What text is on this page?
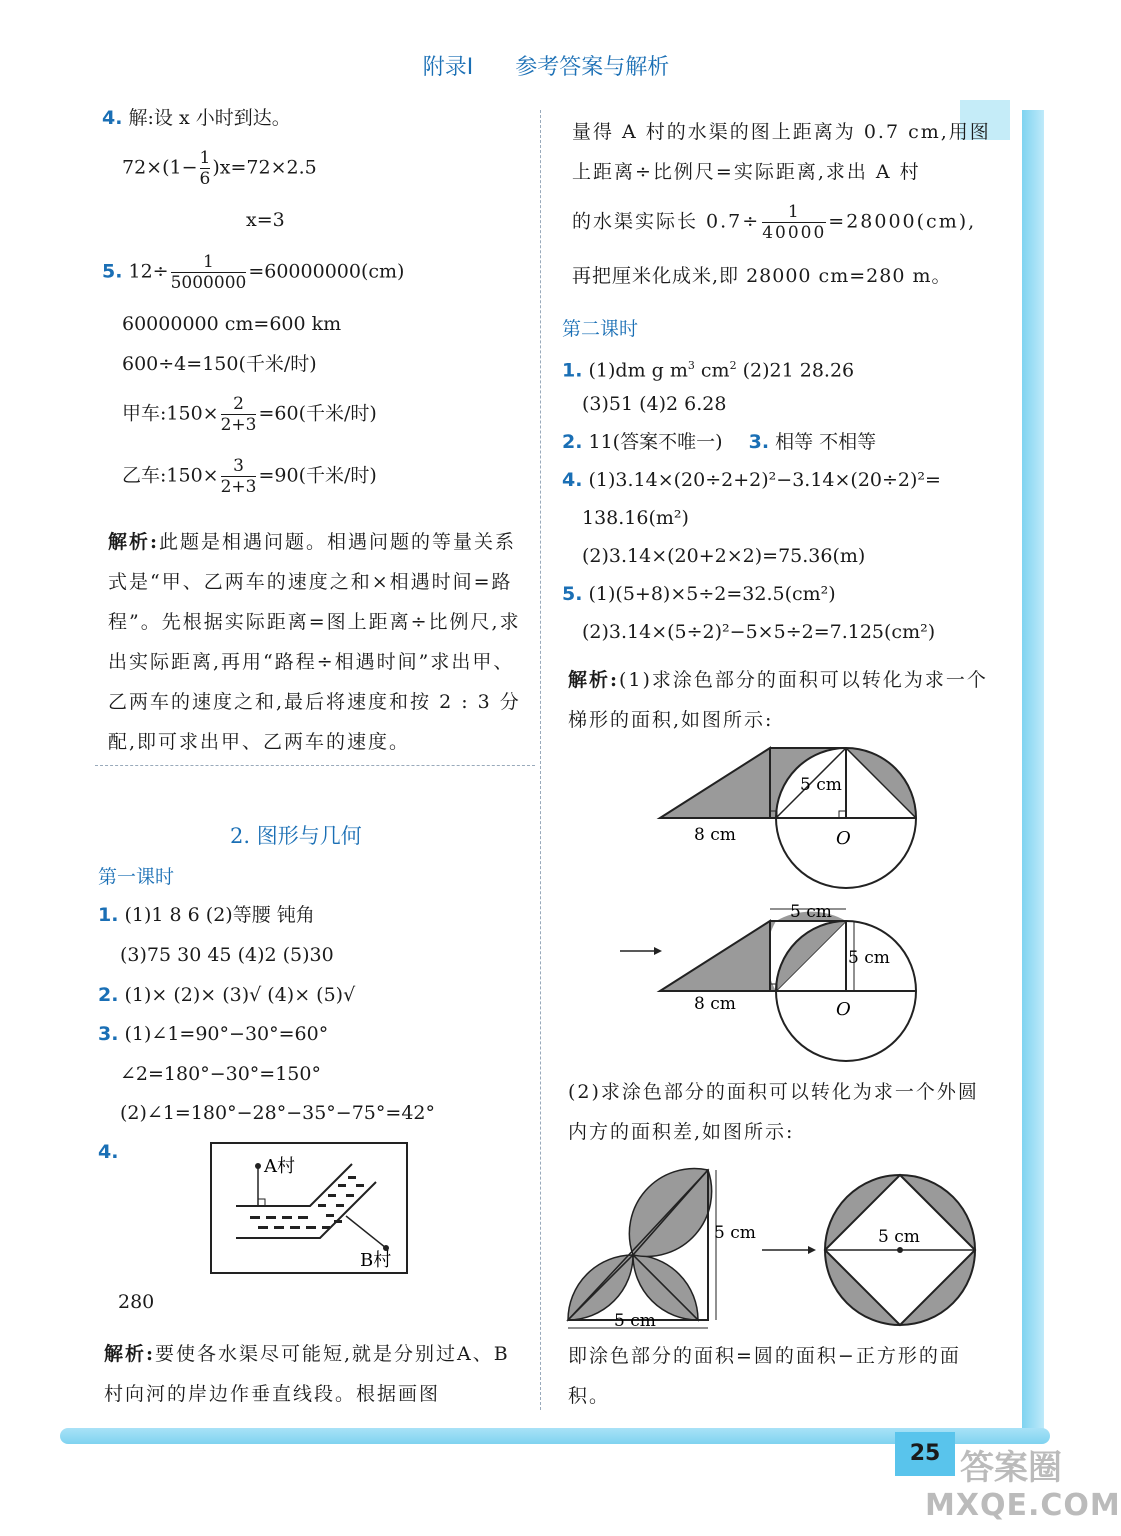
附录Ⅰ 参考答案与解析
4. 解:设 x 小时到达。
$72\times(1- \frac{1}{6} )x=72\times 2.5$
x=3
5. $12\div \frac{1}{5000000} =60000000(cm)$
60000000 cm=600 km
600÷4=150(千米/时)
甲车:150× $\frac{2}{2+3} =60$(千米/时)
乙车:150× $\frac{3}{2+3} =90$(千米/时)
解析:此题是相遇问题。相遇问题的等量关系式是“甲、乙两车的速度之和×相遇时间=路程”。先根据实际距离=图上距离÷比例尺,求出实际距离,再用“路程÷相遇时间”求出甲、乙两车的速度之和,最后将速度和按 2 : 3 分配,即可求出甲、乙两车的速度。
2. 图形与几何
第一课时
1. (1)1 8 6 (2)等腰 钝角
(3)75 30 45 (4)2 (5)30
2. (1)× (2)× (3)√ (4)× (5)√
3. (1)∠1=90°−30°=60°
∠2=180°−30°=150°
(2)∠1=180°−28°−35°−75°=42°
4.
A村
B村
280
解析:要使各水渠尽可能短,就是分别过A、B村向河的岸边作垂直线段。根据画图
量得 A 村的水渠的图上距离为 0.7 cm,用图上距离÷比例尺=实际距离,求出 A 村
的水渠实际长 $0.7\div \frac{1}{40000} =28000(cm)$,
再把厘米化成米,即 28000 cm=280 m。
第二课时
1. (1)dm g $m^3$ $cm^2$ (2)21 28.26
(3)51 (4)2 6.28
2. 11(答案不唯一) 3. 相等 不相等
4. (1)3.14×(20÷2+2)²−3.14×(20÷2)²=
138.16(m²)
(2)3.14×(20+2×2)=75.36(m)
5. (1)(5+8)×5÷2=32.5(cm²)
(2)3.14×(5÷2)²−5×5÷2=7.125(cm²)
解析:(1)求涂色部分的面积可以转化为求一个梯形的面积,如图所示:
5 cm
8 cm	O
5 cm
5 cm
8 cm	O
(2)求涂色部分的面积可以转化为求一个外圆内方的面积差,如图所示:
5 cm
5 cm
5 cm
即涂色部分的面积=圆的面积−正方形的面积。
25 答案圈
MXQE.COM
